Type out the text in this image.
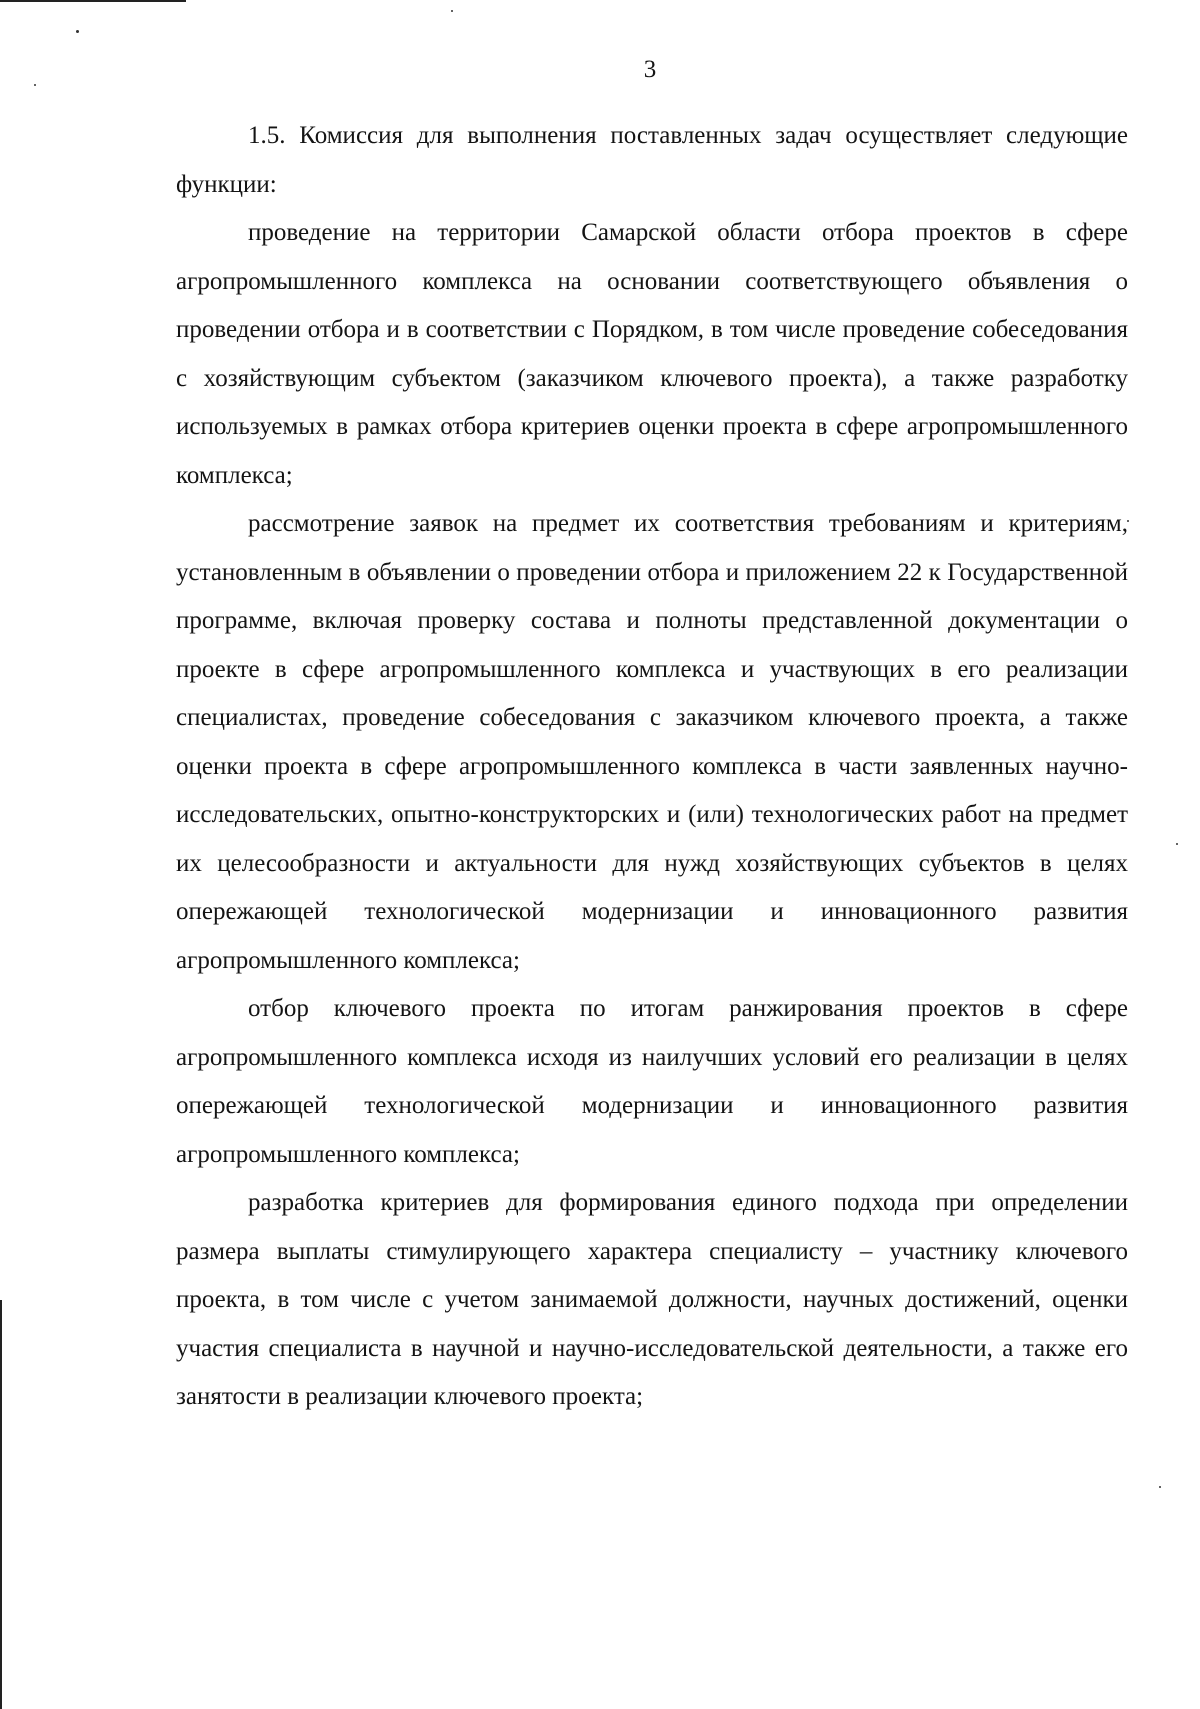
3

1.5. Комиссия для выполнения поставленных задач осуществляет следующие функции:

проведение на территории Самарской области отбора проектов в сфере агропромышленного комплекса на основании соответствующего объявления о проведении отбора и в соответствии с Порядком, в том числе проведение собеседования с хозяйствующим субъектом (заказчиком ключевого проекта), а также разработку используемых в рамках отбора критериев оценки проекта в сфере агропромышленного комплекса;

рассмотрение заявок на предмет их соответствия требованиям и критериям, установленным в объявлении о проведении отбора и приложением 22 к Государственной программе, включая проверку состава и полноты представленной документации о проекте в сфере агропромышленного комплекса и участвующих в его реализации специалистах, проведение собеседования с заказчиком ключевого проекта, а также оценки проекта в сфере агропромышленного комплекса в части заявленных научно-исследовательских, опытно-конструкторских и (или) технологических работ на предмет их целесообразности и актуальности для нужд хозяйствующих субъектов в целях опережающей технологической модернизации и инновационного развития агропромышленного комплекса;

отбор ключевого проекта по итогам ранжирования проектов в сфере агропромышленного комплекса исходя из наилучших условий его реализации в целях опережающей технологической модернизации и инновационного развития агропромышленного комплекса;

разработка критериев для формирования единого подхода при определении размера выплаты стимулирующего характера специалисту – участнику ключевого проекта, в том числе с учетом занимаемой должности, научных достижений, оценки участия специалиста в научной и научно-исследовательской деятельности, а также его занятости в реализации ключевого проекта;
